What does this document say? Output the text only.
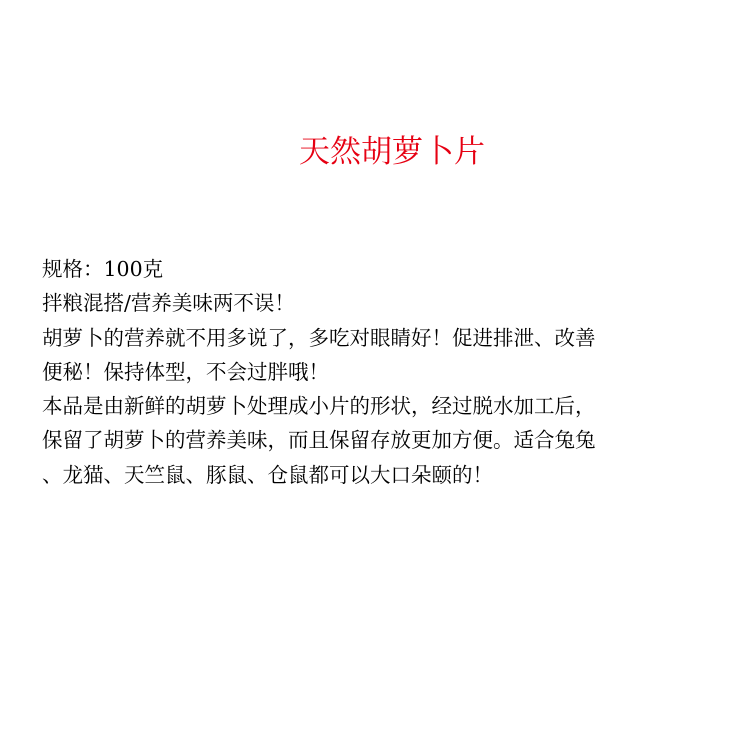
天然胡萝卜片
规格：100克
拌粮混搭/营养美味两不误！
胡萝卜的营养就不用多说了，多吃对眼睛好！促进排泄、改善
便秘！保持体型，不会过胖哦！
本品是由新鲜的胡萝卜处理成小片的形状，经过脱水加工后，
保留了胡萝卜的营养美味，而且保留存放更加方便。适合兔兔
、龙猫、天竺鼠、豚鼠、仓鼠都可以大口朵颐的！
